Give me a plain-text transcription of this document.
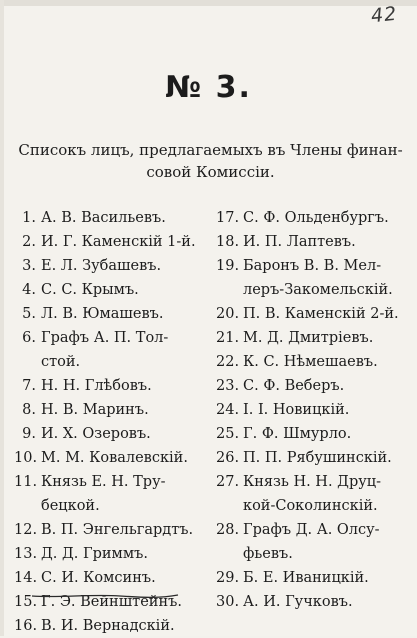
42
№ 3.
Списокъ лицъ, предлагаемыхъ въ Члены финан-
совой Комиссіи.
1. А. В. Васильевъ.
2. И. Г. Каменскій 1-й.
3. Е. Л. Зубашевъ.
4. С. С. Крымъ.
5. Л. В. Юмашевъ.
6. Графъ А. П. Тол-
стой.
7. Н. Н. Глѣбовъ.
8. Н. В. Маринъ.
9. И. Х. Озеровъ.
10. М. М. Ковалевскій.
11. Князь Е. Н. Тру-
бецкой.
12. В. П. Энгельгардтъ.
13. Д. Д. Гриммъ.
14. С. И. Комсинъ.
15. Г. Э. Вейнштейнъ.
16. В. И. Вернадскій.
17. С. Ф. Ольденбургъ.
18. И. П. Лаптевъ.
19. Баронъ В. В. Мел-
леръ-Закомельскій.
20. П. В. Каменскій 2-й.
21. М. Д. Дмитріевъ.
22. К. С. Нѣмешаевъ.
23. С. Ф. Веберъ.
24. І. І. Новицкій.
25. Г. Ф. Шмурло.
26. П. П. Рябушинскій.
27. Князь Н. Н. Друц-
кой-Соколинскій.
28. Графъ Д. А. Олсу-
фьевъ.
29. Б. Е. Иваницкій.
30. А. И. Гучковъ.
